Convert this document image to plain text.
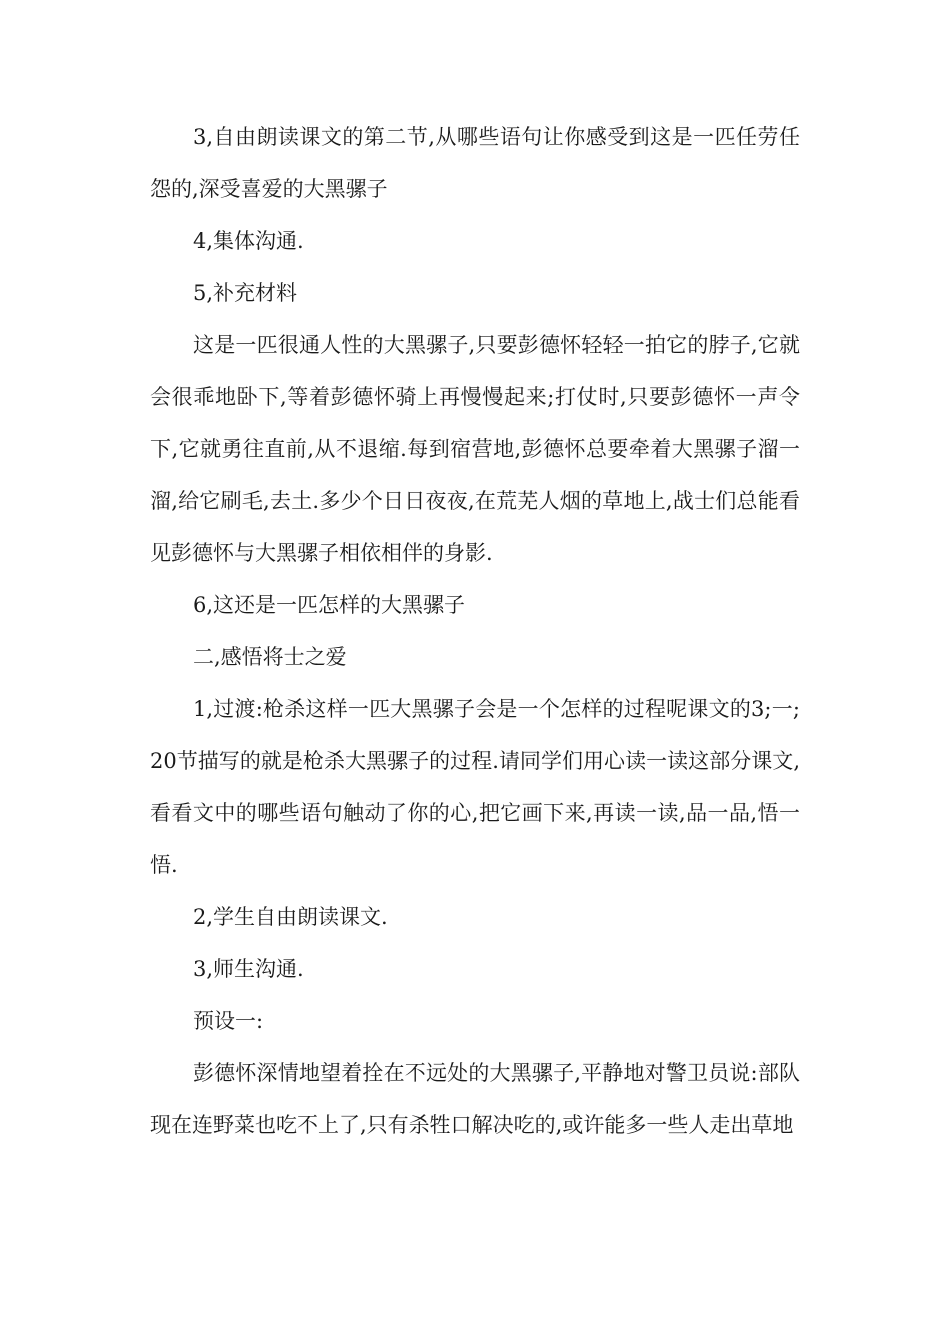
3,自由朗读课文的第二节,从哪些语句让你感受到这是一匹任劳任怨的,深受喜爱的大黑骡子

4,集体沟通.

5,补充材料

这是一匹很通人性的大黑骡子,只要彭德怀轻轻一拍它的脖子,它就会很乖地卧下,等着彭德怀骑上再慢慢起来;打仗时,只要彭德怀一声令下,它就勇往直前,从不退缩.每到宿营地,彭德怀总要牵着大黑骡子溜一溜,给它刷毛,去土.多少个日日夜夜,在荒芜人烟的草地上,战士们总能看见彭德怀与大黑骡子相依相伴的身影.

6,这还是一匹怎样的大黑骡子

二,感悟将士之爱

1,过渡:枪杀这样一匹大黑骡子会是一个怎样的过程呢课文的3;一;20节描写的就是枪杀大黑骡子的过程.请同学们用心读一读这部分课文,看看文中的哪些语句触动了你的心,把它画下来,再读一读,品一品,悟一悟.

2,学生自由朗读课文.

3,师生沟通.

预设一:

彭德怀深情地望着拴在不远处的大黑骡子,平静地对警卫员说:部队现在连野菜也吃不上了,只有杀牲口解决吃的,或许能多一些人走出草地
